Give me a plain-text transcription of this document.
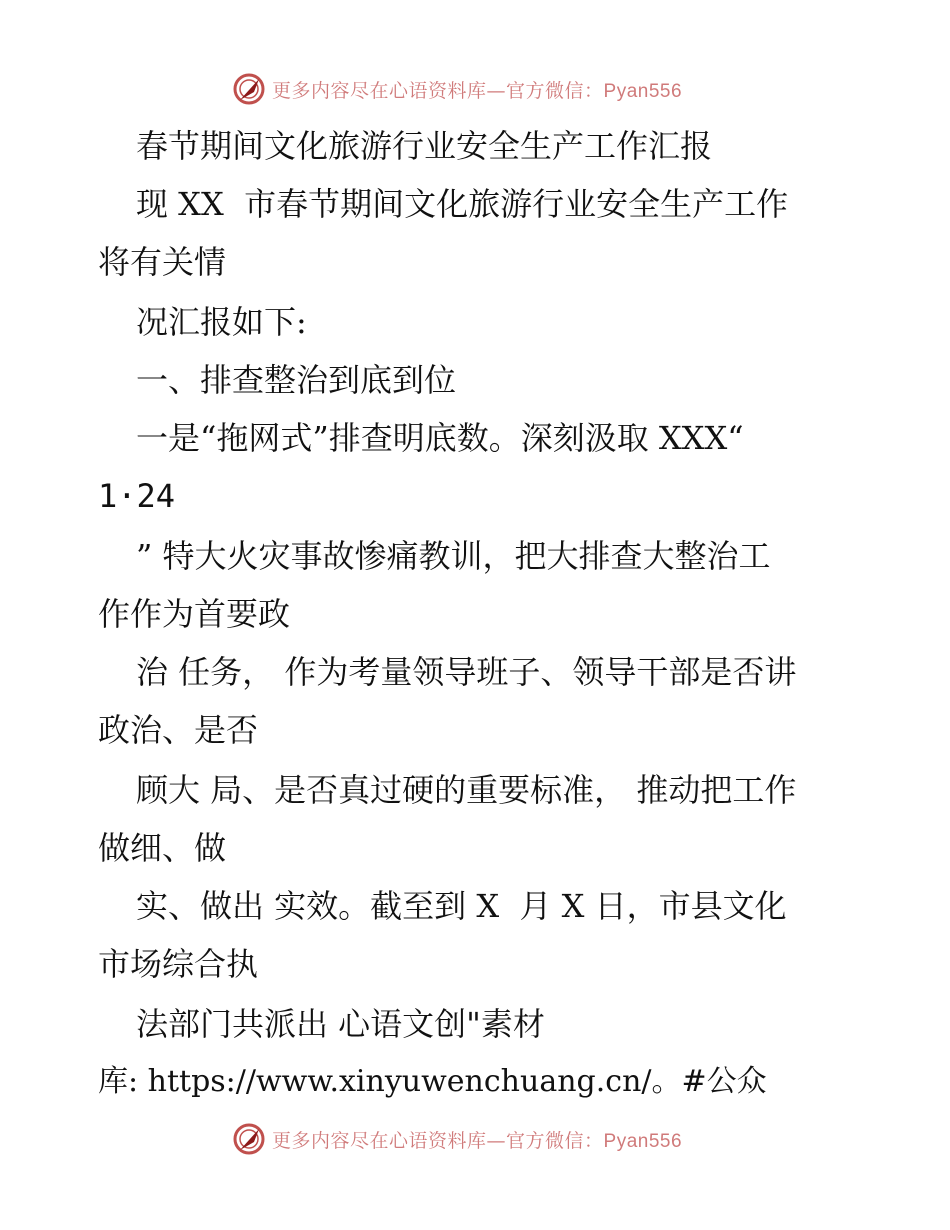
更多内容尽在心语资料库—官方微信：Pyan556
春节期间文化旅游行业安全生产工作汇报
现 XX  市春节期间文化旅游行业安全生产工作
将有关情
况汇报如下:
一、排查整治到底到位
一是“拖网式”排查明底数。深刻汲取 XXX“
1·24
” 特大火灾事故惨痛教训，把大排查大整治工
作作为首要政
治 任务， 作为考量领导班子、领导干部是否讲
政治、是否
顾大 局、是否真过硬的重要标准， 推动把工作
做细、做
实、做出 实效。截至到 X  月 X 日，市县文化
市场综合执
法部门共派出 心语文创"素材
库: https://www.xinyuwenchuang.cn/。#公众
更多内容尽在心语资料库—官方微信：Pyan556
